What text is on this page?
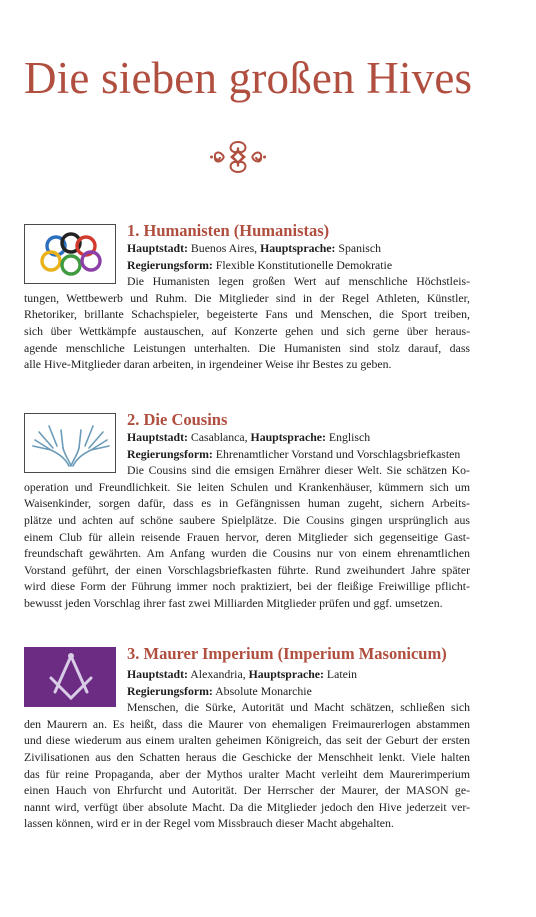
Die sieben großen Hives
1. Humanisten (Humanistas)
Hauptstadt: Buenos Aires, Hauptsprache: Spanisch
Regierungsform: Flexible Konstitutionelle Demokratie
Die Humanisten legen großen Wert auf menschliche Höchstleis-
tungen, Wettbewerb und Ruhm. Die Mitglieder sind in der Regel Athleten, Künstler,
Rhetoriker, brillante Schachspieler, begeisterte Fans und Menschen, die Sport treiben,
sich über Wettkämpfe austauschen, auf Konzerte gehen und sich gerne über heraus-
agende menschliche Leistungen unterhalten. Die Humanisten sind stolz darauf, dass
alle Hive-Mitglieder daran arbeiten, in irgendeiner Weise ihr Bestes zu geben.
2. Die Cousins
Hauptstadt: Casablanca, Hauptsprache: Englisch
Regierungsform: Ehrenamtlicher Vorstand und Vorschlagsbriefkasten
Die Cousins sind die emsigen Ernährer dieser Welt. Sie schätzen Ko-
operation und Freundlichkeit. Sie leiten Schulen und Krankenhäuser, kümmern sich um
Waisenkinder, sorgen dafür, dass es in Gefängnissen human zugeht, sichern Arbeits-
plätze und achten auf schöne saubere Spielplätze. Die Cousins gingen ursprünglich aus
einem Club für allein reisende Frauen hervor, deren Mitglieder sich gegenseitige Gast-
freundschaft gewährten. Am Anfang wurden die Cousins nur von einem ehrenamtlichen
Vorstand geführt, der einen Vorschlagsbriefkasten führte. Rund zweihundert Jahre später
wird diese Form der Führung immer noch praktiziert, bei der fleißige Freiwillige pflicht-
bewusst jeden Vorschlag ihrer fast zwei Milliarden Mitglieder prüfen und ggf. umsetzen.
3. Maurer Imperium (Imperium Masonicum)
Hauptstadt: Alexandria, Hauptsprache: Latein
Regierungsform: Absolute Monarchie
Menschen, die Sürke, Autorität und Macht schätzen, schließen sich
den Maurern an. Es heißt, dass die Maurer von ehemaligen Freimaurerlogen abstammen
und diese wiederum aus einem uralten geheimen Königreich, das seit der Geburt der ersten
Zivilisationen aus den Schatten heraus die Geschicke der Menschheit lenkt. Viele halten
das für reine Propaganda, aber der Mythos uralter Macht verleiht dem Maurerimperium
einen Hauch von Ehrfurcht und Autorität. Der Herrscher der Maurer, der MASON ge-
nannt wird, verfügt über absolute Macht. Da die Mitglieder jedoch den Hive jederzeit ver-
lassen können, wird er in der Regel vom Missbrauch dieser Macht abgehalten.
